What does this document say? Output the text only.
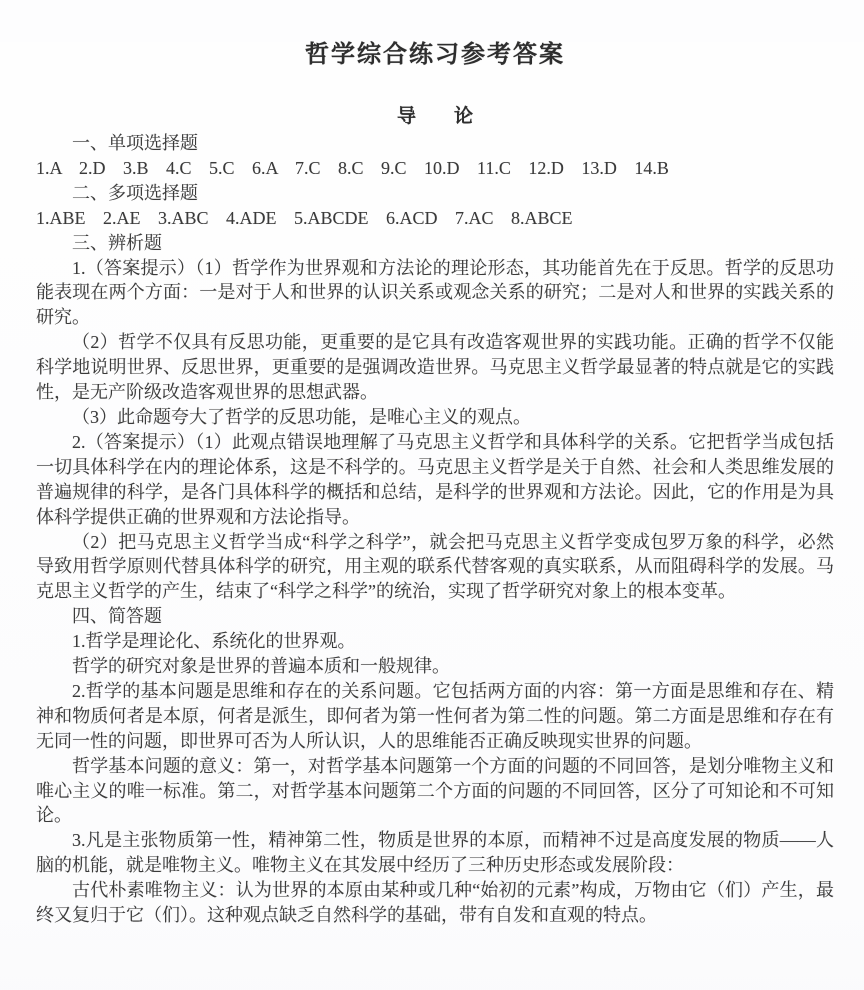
哲学综合练习参考答案
导　　论

一、单项选择题

1.A 2.D 3.B 4.C 5.C 6.A 7.C 8.C 9.C 10.D 11.C 12.D 13.D 14.B

二、多项选择题

1.ABE 2.AE 3.ABC 4.ADE 5.ABCDE 6.ACD 7.AC 8.ABCE

三、辨析题

1.（答案提示）（1）哲学作为世界观和方法论的理论形态，其功能首先在于反思。哲学的反思功能表现在两个方面：一是对于人和世界的认识关系或观念关系的研究；二是对人和世界的实践关系的研究。

（2）哲学不仅具有反思功能，更重要的是它具有改造客观世界的实践功能。正确的哲学不仅能科学地说明世界、反思世界，更重要的是强调改造世界。马克思主义哲学最显著的特点就是它的实践性，是无产阶级改造客观世界的思想武器。

（3）此命题夸大了哲学的反思功能，是唯心主义的观点。

2.（答案提示）（1）此观点错误地理解了马克思主义哲学和具体科学的关系。它把哲学当成包括一切具体科学在内的理论体系，这是不科学的。马克思主义哲学是关于自然、社会和人类思维发展的普遍规律的科学，是各门具体科学的概括和总结，是科学的世界观和方法论。因此，它的作用是为具体科学提供正确的世界观和方法论指导。

（2）把马克思主义哲学当成“科学之科学”，就会把马克思主义哲学变成包罗万象的科学，必然导致用哲学原则代替具体科学的研究，用主观的联系代替客观的真实联系，从而阻碍科学的发展。马克思主义哲学的产生，结束了“科学之科学”的统治，实现了哲学研究对象上的根本变革。

四、简答题

1.哲学是理论化、系统化的世界观。

哲学的研究对象是世界的普遍本质和一般规律。

2.哲学的基本问题是思维和存在的关系问题。它包括两方面的内容：第一方面是思维和存在、精神和物质何者是本原，何者是派生，即何者为第一性何者为第二性的问题。第二方面是思维和存在有无同一性的问题，即世界可否为人所认识，人的思维能否正确反映现实世界的问题。

哲学基本问题的意义：第一，对哲学基本问题第一个方面的问题的不同回答，是划分唯物主义和唯心主义的唯一标准。第二，对哲学基本问题第二个方面的问题的不同回答，区分了可知论和不可知论。

3.凡是主张物质第一性，精神第二性，物质是世界的本原，而精神不过是高度发展的物质——人脑的机能，就是唯物主义。唯物主义在其发展中经历了三种历史形态或发展阶段：

古代朴素唯物主义：认为世界的本原由某种或几种“始初的元素”构成，万物由它（们）产生，最终又复归于它（们）。这种观点缺乏自然科学的基础，带有自发和直观的特点。
